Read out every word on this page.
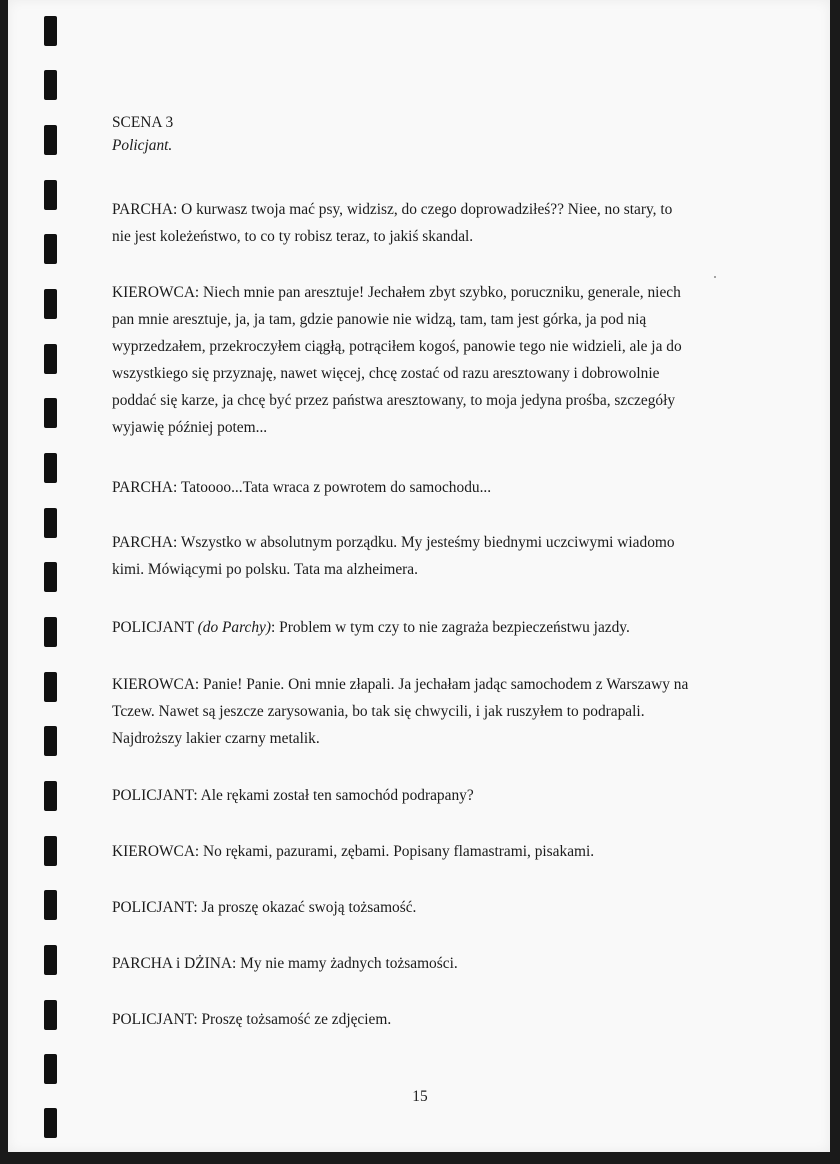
SCENA 3
Policjant.
PARCHA: O kurwasz twoja mać psy, widzisz, do czego doprowadziłeś?? Niee, no stary, to
nie jest koleżeństwo, to co ty robisz teraz, to jakiś skandal.
KIEROWCA: Niech mnie pan aresztuje! Jechałem zbyt szybko, poruczniku, generale, niech
pan mnie aresztuje, ja, ja tam, gdzie panowie nie widzą, tam, tam jest górka, ja pod nią
wyprzedzałem, przekroczyłem ciągłą, potrąciłem kogoś, panowie tego nie widzieli, ale ja do
wszystkiego się przyznaję, nawet więcej, chcę zostać od razu aresztowany i dobrowolnie
poddać się karze, ja chcę być przez państwa aresztowany, to moja jedyna prośba, szczegóły
wyjawię później potem...
PARCHA: Tatoooo...Tata wraca z powrotem do samochodu...
PARCHA: Wszystko w absolutnym porządku. My jesteśmy biednymi uczciwymi wiadomo
kimi. Mówiącymi po polsku. Tata ma alzheimera.
POLICJANT (do Parchy): Problem w tym czy to nie zagraża bezpieczeństwu jazdy.
KIEROWCA: Panie! Panie. Oni mnie złapali. Ja jechałam jadąc samochodem z Warszawy na
Tczew. Nawet są jeszcze zarysowania, bo tak się chwycili, i jak ruszyłem to podrapali.
Najdroższy lakier czarny metalik.
POLICJANT: Ale rękami został ten samochód podrapany?
KIEROWCA: No rękami, pazurami, zębami. Popisany flamastrami, pisakami.
POLICJANT: Ja proszę okazać swoją tożsamość.
PARCHA i DŻINA: My nie mamy żadnych tożsamości.
POLICJANT: Proszę tożsamość ze zdjęciem.
15
